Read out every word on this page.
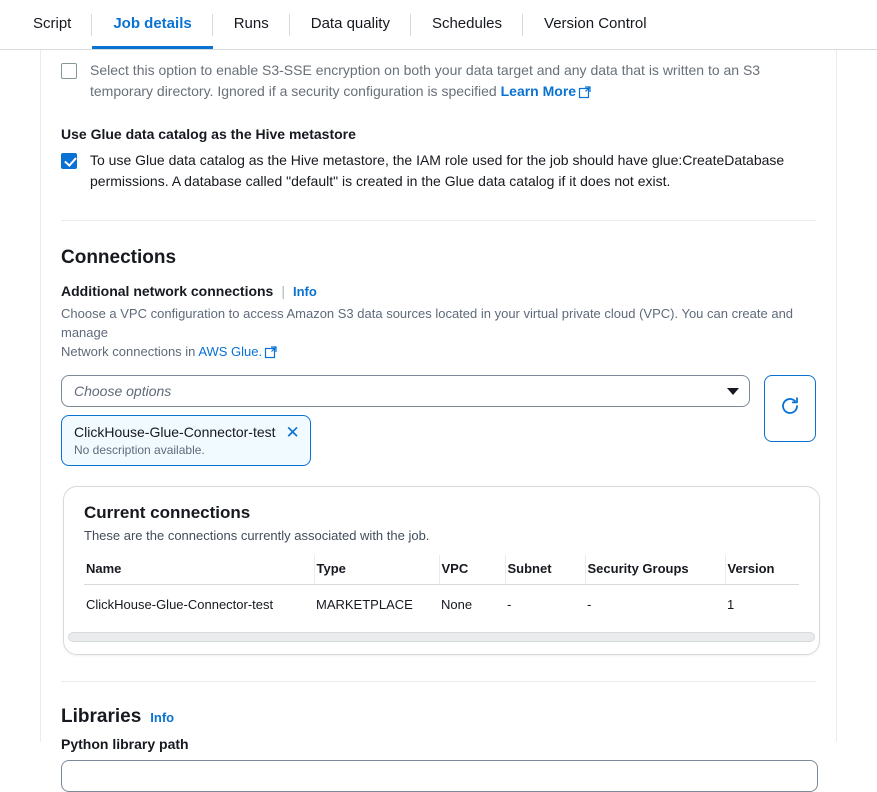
Script	Job details	Runs	Data quality	Schedules	Version Control
Select this option to enable S3-SSE encryption on both your data target and any data that is written to an S3 temporary directory. Ignored if a security configuration is specified Learn More
Use Glue data catalog as the Hive metastore
To use Glue data catalog as the Hive metastore, the IAM role used for the job should have glue:CreateDatabase permissions. A database called "default" is created in the Glue data catalog if it does not exist.
Connections
Additional network connections | Info
Choose a VPC configuration to access Amazon S3 data sources located in your virtual private cloud (VPC). You can create and manage
Network connections in AWS Glue.
Choose options
ClickHouse-Glue-Connector-test
No description available.
✕
Current connections
These are the connections currently associated with the job.
Name	Type	VPC	Subnet	Security Groups	Version
ClickHouse-Glue-Connector-test	MARKETPLACE	None	-	-	1
Libraries Info
Python library path
